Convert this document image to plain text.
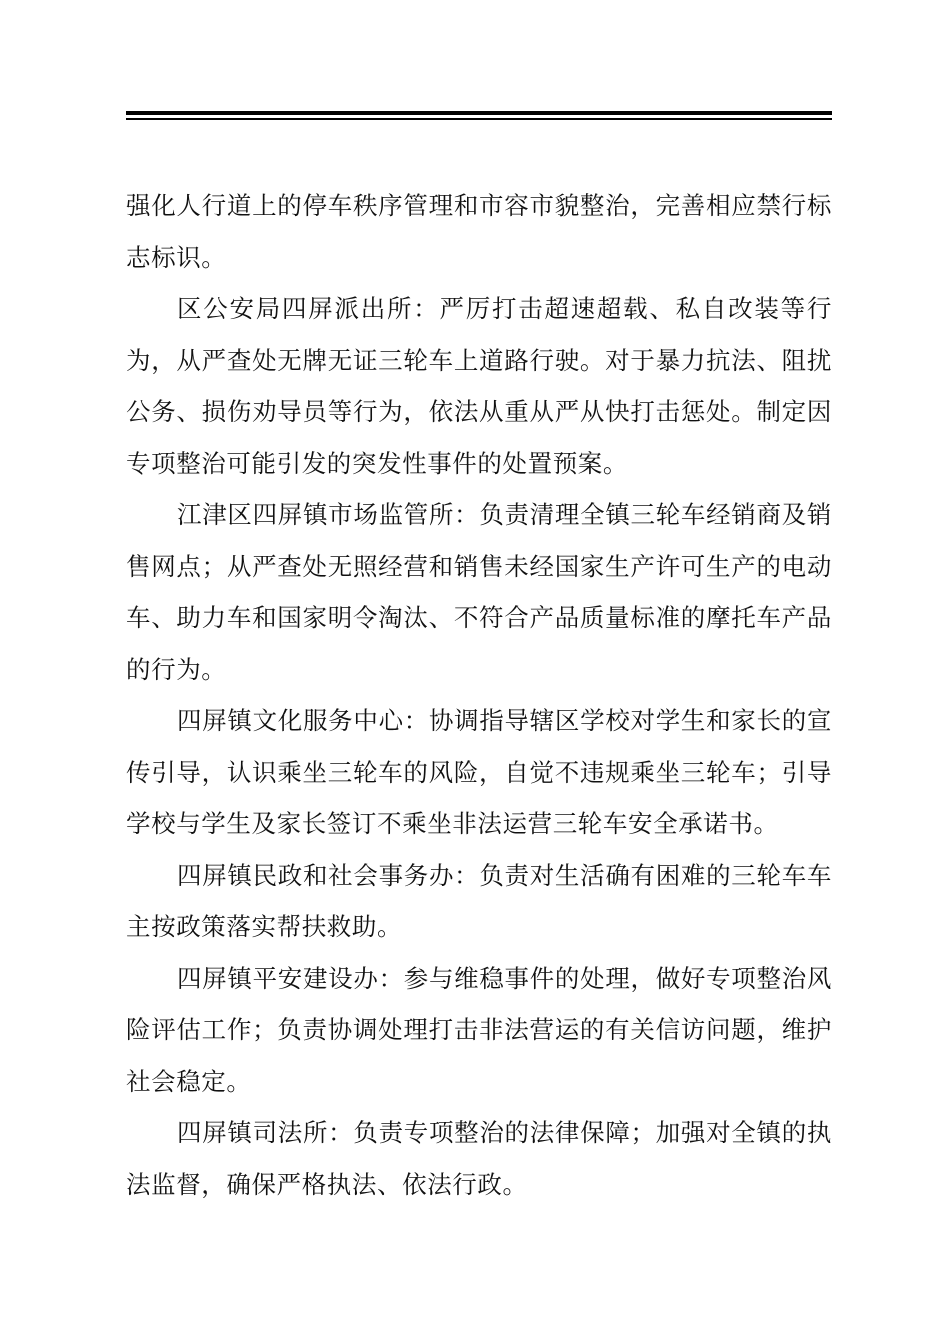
强化人行道上的停车秩序管理和市容市貌整治，完善相应禁行标志标识。

区公安局四屏派出所：严厉打击超速超载、私自改装等行为，从严查处无牌无证三轮车上道路行驶。对于暴力抗法、阻扰公务、损伤劝导员等行为，依法从重从严从快打击惩处。制定因专项整治可能引发的突发性事件的处置预案。

江津区四屏镇市场监管所：负责清理全镇三轮车经销商及销售网点；从严查处无照经营和销售未经国家生产许可生产的电动车、助力车和国家明令淘汰、不符合产品质量标准的摩托车产品的行为。

四屏镇文化服务中心：协调指导辖区学校对学生和家长的宣传引导，认识乘坐三轮车的风险，自觉不违规乘坐三轮车；引导学校与学生及家长签订不乘坐非法运营三轮车安全承诺书。

四屏镇民政和社会事务办：负责对生活确有困难的三轮车车主按政策落实帮扶救助。

四屏镇平安建设办：参与维稳事件的处理，做好专项整治风险评估工作；负责协调处理打击非法营运的有关信访问题，维护社会稳定。

四屏镇司法所：负责专项整治的法律保障；加强对全镇的执法监督，确保严格执法、依法行政。
